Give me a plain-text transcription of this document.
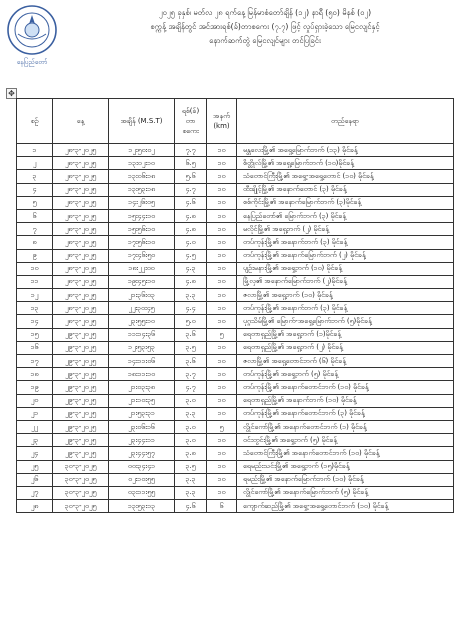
နေပြည်တော်
၂၀၂၅ ခုနှစ်၊ မတ်လ ၂၈ ရက်နေ့ မြန်မာစံတော်ချိန် (၁၂) နာရီ (၅၀) မိနစ် (၀၂)
စက္ကန့် အချိန်တွင် အင်အားရစ်(ခ်)တာစကေး (၇.၇) ဖြင့် လှုပ်ရှားခဲ့သော မြေငလျင်နှင့်
နောက်ဆက်တွဲ မြေငလျင်များ တင်ပြခြင်း
✥
စဉ်	နေ့	အချိန် (M.S.T)	ရစ်(ခ်) တာ စကေး	အနက် (km)	တည်နေရာ
၁	၂၈-၃-၂၀၂၅	၁၂း၅၀း၀၂	၇.၇	၁၀	မန္တလေးမြို့၏ အရှေ့မြောက်ဘက် (၁၃) မိုင်ခန့်
၂	၂၈-၃-၂၀၂၅	၁၃း၀၂း၁၀	၆.၅	၁၀	စိတ္တိုလ်မြို့၏ အရှေ့မြောက်ဘက် (၁၀)မိုင်ခန့်
၃	၂၈-၃-၂၀၂၅	၁၃း၀၆း၁၈	၅.၆	၁၀	သံတောင်ကြီးမြို့၏ အရှေ့-အရှေ့တောင် (၁၀) မိုင်ခန့်
၄	၂၈-၃-၂၀၂၅	၁၃း၅၃း၁၈	၄.၇	၁၀	ထီးချိုင့်မြို့၏ အနောက်တောင် (၃) မိုင်ခန့်
၅	၂၈-၃-၂၀၂၅	၁၄း၂၆း၀၅	၄.၆	၁၀	စစ်ကိုင်းမြို့၏ အနောက်မြောက်ဘက် (၃)မိုင်ခန့်
၆	၂၈-၃-၂၀၂၅	၁၅း၄၄း၁၀	၄.၈	၁၀	နေပြည်တော်၏ မြောက်ဘက် (၃) မိုင်ခန့်
၇	၂၈-၃-၂၀၂၅	၁၅း၅၆း၁၀	၄.၈	၁၀	မလိုင်မြို့၏ အရှေ့ဘက် (၂) မိုင်ခန့်
၈	၂၈-၃-၂၀၂၅	၁၇း၅၆း၁၀	၄.၀	၁၀	တပ်ကုန်းမြို့၏ အနောက်ဘက် (၃) မိုင်ခန့်
၉	၂၈-၃-၂၀၂၅	၁၇း၄၆း၅၀	၄.၅	၁၀	တပ်ကုန်းမြို့၏ အနောက်မြောက်ဘက် (၂) မိုင်ခန့်
၁၀	၂၈-၃-၂၀၂၅	၁၈း၂၂း၀၀	၄.၃	၁၀	ပျဉ်းမနားမြို့၏ အရှေ့ဘက် (၁၀) မိုင်ခန့်
၁၁	၂၈-၃-၂၀၂၅	၁၉း၄၅း၁၀	၄.၈	၁၀	မြို့လှ၏ အနောက်မြောက်ဘက် (၂)မိုင်ခန့်
၁၂	၂၈-၃-၂၀၂၅	၂၁း၃၆း၀၃	၃.၃	၁၀	ဇလာမြို့၏ အရှေ့ဘက် (၁၀) မိုင်ခန့်
၁၃	၂၈-၃-၂၀၂၅	၂၂း၃၀း၄၅	၄.၄	၁၀	တပ်ကုန်းမြို့၏ အနောက်ဘက် (၃) မိုင်ခန့်
၁၄	၂၈-၃-၂၀၂၅	၂၃း၅၅း၁၀	၅.၀	၁၀	ပုဂ္ဂသိမ်မြို့၏ မြောက်-အရှေ့မြောက်ဘက် (၅)မိုင်ခန့်
၁၅	၂၉-၃-၂၀၂၅	၁၁း၁၄း၃၆	၃.၆	၅	ရေတာရှည်မြို့၏ အရှေ့ဘက် (၁)မိုင်ခန့်
၁၆	၂၉-၃-၂၀၂၅	၁၂း၅၃း၅၃	၃.၅	၁၀	ရေတာရှည်မြို့၏ အရှေ့ဘက် (၂) မိုင်ခန့်
၁၇	၂၉-၃-၂၀၂၅	၁၄း၁၁း၀၆	၃.၆	၁၀	ဇလာမြို့၏ အရှေ့တောင်ဘက် (၆) မိုင်ခန့်
၁၈	၂၉-၃-၂၀၂၅	၁၈း၁၁း၁၀	၃.၇	၁၀	တပ်ကုန်းမြို့၏ အရှေ့ဘက် (၅) မိုင်ခန့်
၁၉	၂၉-၃-၂၀၂၅	၂၁း၀၃း၃၈	၄.၇	၁၀	တပ်ကုန်းမြို့၏ အနောက်တောင်ဘက် (၁၀) မိုင်ခန့်
၂၀	၂၉-၃-၂၀၂၅	၂၁း၁၀း၃၅	၃.၀	၁၀	ရေတာရှည်မြို့၏ အနောက်ဘက် (၁၀) မိုင်ခန့်
၂၁	၂၉-၃-၂၀၂၅	၂၁း၅၃း၃၁	၃.၃	၁၀	တပ်ကုန်းမြို့၏ အနောက်တောင်ဘက် (၃) မိုင်ခန့်
၂၂	၂၉-၃-၂၀၂၅	၂၃း၀၆း၁၆	၃.၀	၅	လွိုင်ကော်မြို့၏ အနောက်တောင်ဘက် (၁) မိုင်ခန့်
၂၃	၂၉-၃-၂၀၂၅	၂၃း၄၄း၁၁	၃.၀	၁၀	ဝင်းတွင်းမြို့၏ အရှေ့ဘက် (၅) မိုင်ခန့်
၂၄	၂၉-၃-၂၀၂၅	၂၃း၄၄း၅၇	၃.၈	၁၀	သံတောင်ကြီးမြို့၏ အနောက်တောင်ဘက် (၁၀) မိုင်ခန့်
၂၅	၃၀-၃-၂၀၂၅	၀၀း၃၄း၄၁	၃.၅	၁၀	ရေမည်းသင်းမြို့၏ အရှေ့ဘက် (၁၅)မိုင်ခန့်
၂၆	၃၀-၃-၂၀၂၅	၀၂း၁၀း၅၅	၃.၃	၁၀	ရမည်းမြို့၏ အနောက်မြောက်ဘက် (၁၀) မိုင်ခန့်
၂၇	၃၀-၃-၂၀၂၅	၀၃း၁၁း၅၅	၃.၃	၁၀	လွိုင်ကော်မြို့၏ အနောက်မြောက်ဘက် (၅) မိုင်ခန့်
၂၈	၃၀-၃-၂၀၂၅	၁၃း၅၃း၁၃	၄.၆	၆	ကျောက်ဆည်မြို့၏ အရှေ့-အရှေ့တောင်ဘက် (၁၀) မိုင်ခန့်
